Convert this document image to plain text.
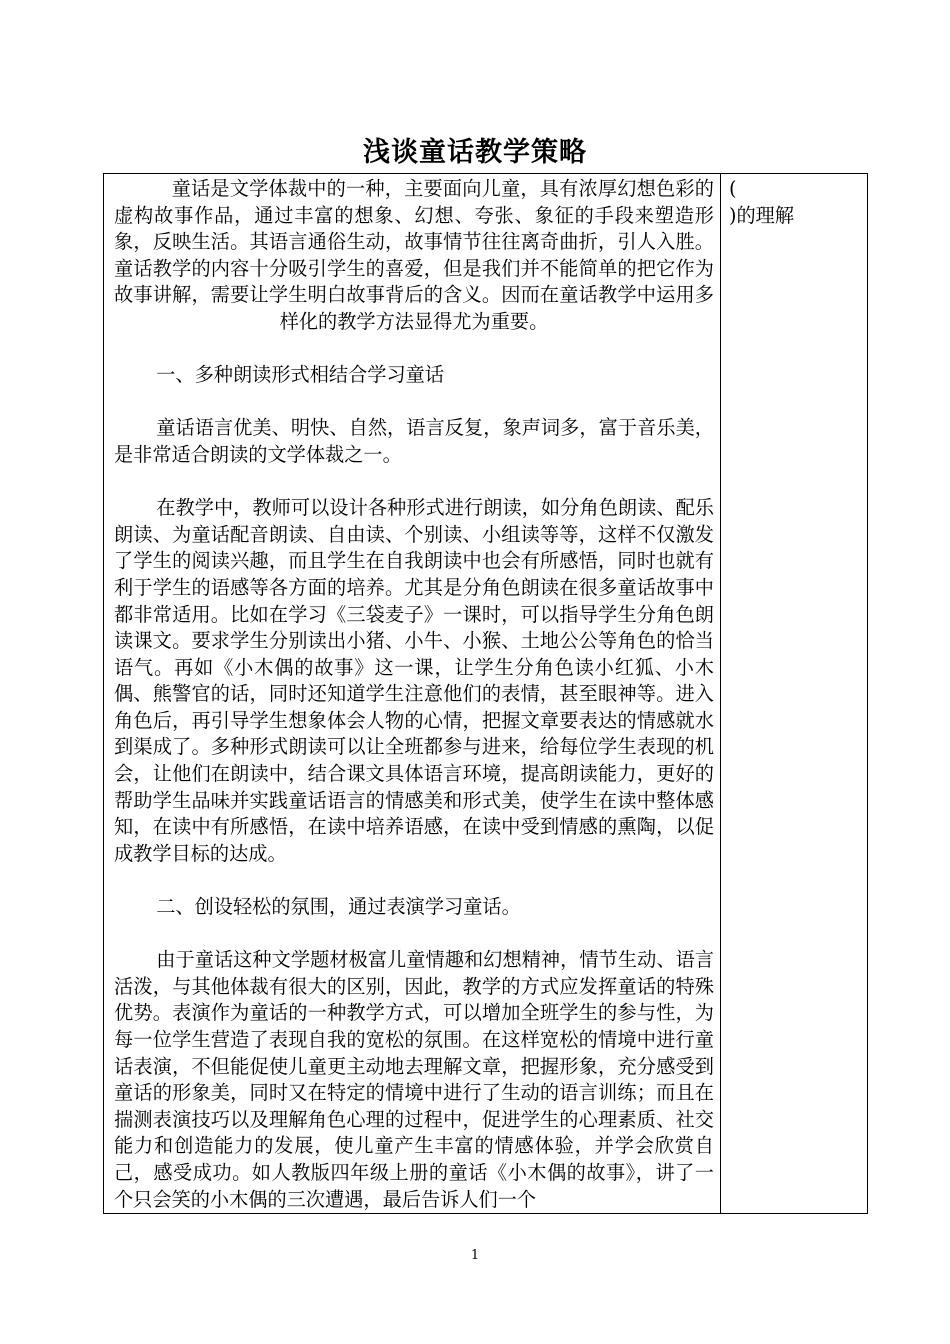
浅谈童话教学策略

童话是文学体裁中的一种，主要面向儿童，具有浓厚幻想色彩的虚构故事作品，通过丰富的想象、幻想、夸张、象征的手段来塑造形象，反映生活。其语言通俗生动，故事情节往往离奇曲折，引人入胜。童话教学的内容十分吸引学生的喜爱，但是我们并不能简单的把它作为故事讲解，需要让学生明白故事背后的含义。因而在童话教学中运用多样化的教学方法显得尤为重要。

一、多种朗读形式相结合学习童话

童话语言优美、明快、自然，语言反复，象声词多，富于音乐美，是非常适合朗读的文学体裁之一。

在教学中，教师可以设计各种形式进行朗读，如分角色朗读、配乐朗读、为童话配音朗读、自由读、个别读、小组读等等，这样不仅激发了学生的阅读兴趣，而且学生在自我朗读中也会有所感悟，同时也就有利于学生的语感等各方面的培养。尤其是分角色朗读在很多童话故事中都非常适用。比如在学习《三袋麦子》一课时，可以指导学生分角色朗读课文。要求学生分别读出小猪、小牛、小猴、土地公公等角色的恰当语气。再如《小木偶的故事》这一课，让学生分角色读小红狐、小木偶、熊警官的话，同时还知道学生注意他们的表情，甚至眼神等。进入角色后，再引导学生想象体会人物的心情，把握文章要表达的情感就水到渠成了。多种形式朗读可以让全班都参与进来，给每位学生表现的机会，让他们在朗读中，结合课文具体语言环境，提高朗读能力，更好的帮助学生品味并实践童话语言的情感美和形式美，使学生在读中整体感知，在读中有所感悟，在读中培养语感，在读中受到情感的熏陶，以促成教学目标的达成。

二、创设轻松的氛围，通过表演学习童话。

由于童话这种文学题材极富儿童情趣和幻想精神，情节生动、语言活泼，与其他体裁有很大的区别，因此，教学的方式应发挥童话的特殊优势。表演作为童话的一种教学方式，可以增加全班学生的参与性，为每一位学生营造了表现自我的宽松的氛围。在这样宽松的情境中进行童话表演，不但能促使儿童更主动地去理解文章，把握形象，充分感受到童话的形象美，同时又在特定的情境中进行了生动的语言训练；而且在揣测表演技巧以及理解角色心理的过程中，促进学生的心理素质、社交能力和创造能力的发展，使儿童产生丰富的情感体验，并学会欣赏自己，感受成功。如人教版四年级上册的童话《小木偶的故事》，讲了一个只会笑的小木偶的三次遭遇，最后告诉人们一个

(
)的理解
1
